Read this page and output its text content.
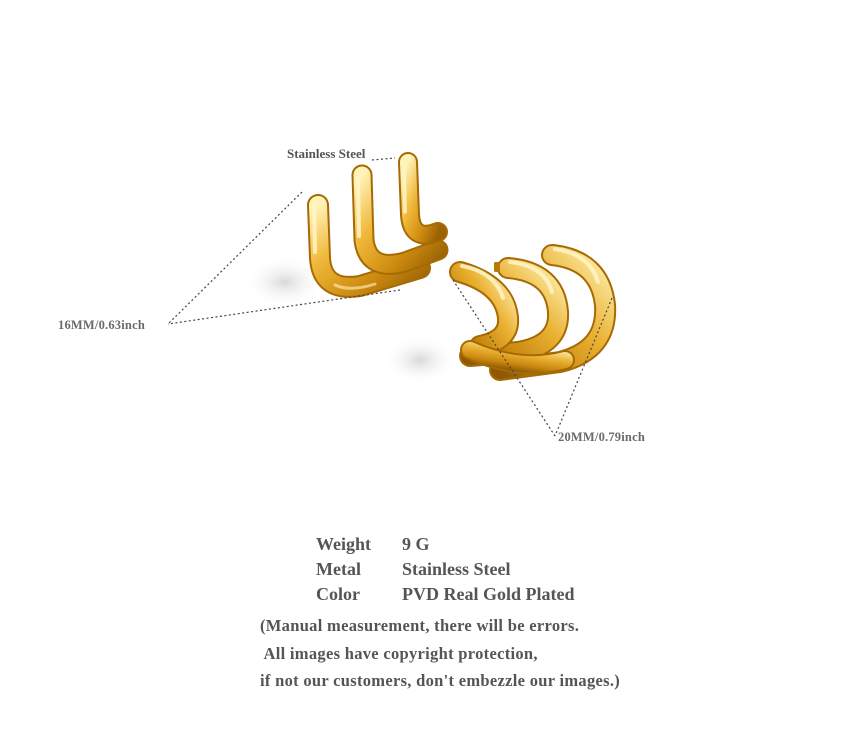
Stainless Steel
16MM/0.63inch
20MM/0.79inch
Weight 9 G
Metal Stainless Steel
Color PVD Real Gold Plated
(Manual measurement, there will be errors.
All images have copyright protection,
if not our customers, don't embezzle our images.)
